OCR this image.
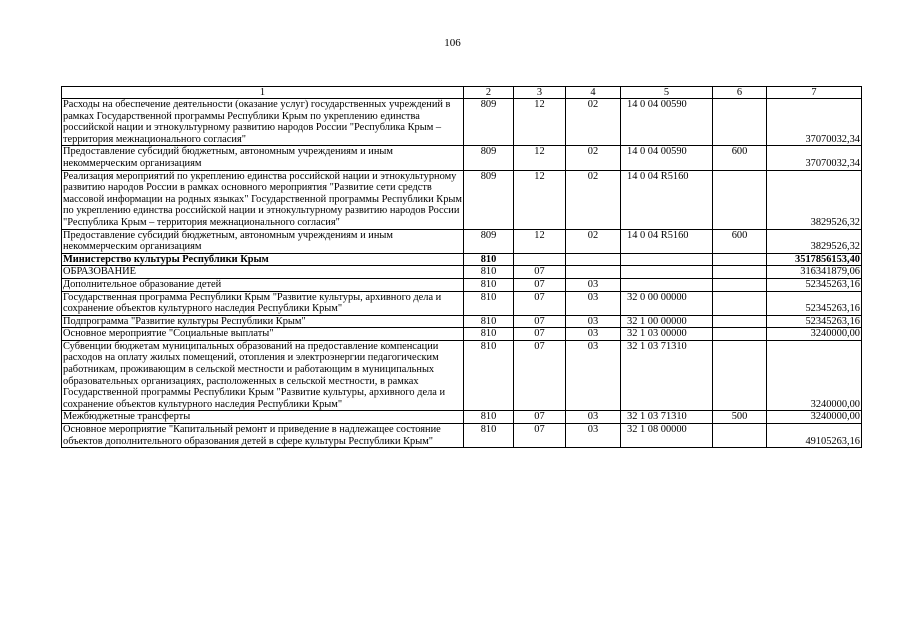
106
1	2	3	4	5	6	7
Расходы на обеспечение деятельности (оказание услуг) государственных учреждений в рамках Государственной программы Республики Крым по укреплению единства российской нации и этнокультурному развитию народов России "Республика Крым – территория межнационального согласия"	809	12	02	14 0 04 00590		37070032,34
Предоставление субсидий бюджетным, автономным учреждениям и иным некоммерческим организациям	809	12	02	14 0 04 00590	600	37070032,34
Реализация мероприятий по укреплению единства российской нации и этнокультурному развитию народов России в рамках основного мероприятия "Развитие сети средств массовой информации на родных языках" Государственной программы Республики Крым по укреплению единства российской нации и этнокультурному развитию народов России "Республика Крым – территория межнационального согласия"	809	12	02	14 0 04 R5160		3829526,32
Предоставление субсидий бюджетным, автономным учреждениям и иным некоммерческим организациям	809	12	02	14 0 04 R5160	600	3829526,32
Министерство культуры Республики Крым	810					3517856153,40
ОБРАЗОВАНИЕ	810	07				316341879,06
Дополнительное образование детей	810	07	03			52345263,16
Государственная программа Республики Крым "Развитие культуры, архивного дела и сохранение объектов культурного наследия Республики Крым"	810	07	03	32 0 00 00000		52345263,16
Подпрограмма "Развитие культуры Республики Крым"	810	07	03	32 1 00 00000		52345263,16
Основное мероприятие "Социальные выплаты"	810	07	03	32 1 03 00000		3240000,00
Субвенции бюджетам муниципальных образований на предоставление компенсации расходов на оплату жилых помещений, отопления и электроэнергии педагогическим работникам, проживающим в сельской местности и работающим в муниципальных образовательных организациях, расположенных в сельской местности, в рамках Государственной программы Республики Крым "Развитие культуры, архивного дела и сохранение объектов культурного наследия Республики Крым"	810	07	03	32 1 03 71310		3240000,00
Межбюджетные трансферты	810	07	03	32 1 03 71310	500	3240000,00
Основное мероприятие "Капитальный ремонт и приведение в надлежащее состояние объектов дополнительного образования детей в сфере культуры Республики Крым"	810	07	03	32 1 08 00000		49105263,16
